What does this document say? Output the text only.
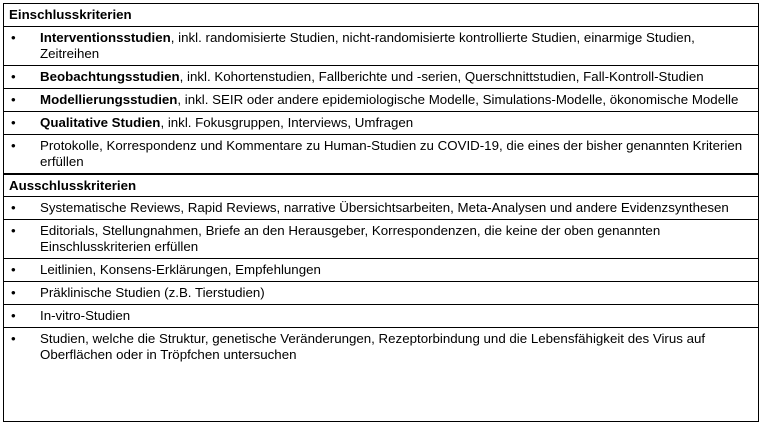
Einschlusskriterien
•	Interventionsstudien, inkl. randomisierte Studien, nicht-randomisierte kontrollierte Studien, einarmige Studien, Zeitreihen
•	Beobachtungsstudien, inkl. Kohortenstudien, Fallberichte und -serien, Querschnittstudien, Fall-Kontroll-Studien
•	Modellierungsstudien, inkl. SEIR oder andere epidemiologische Modelle, Simulations-Modelle, ökonomische Modelle
•	Qualitative Studien, inkl. Fokusgruppen, Interviews, Umfragen
•	Protokolle, Korrespondenz und Kommentare zu Human-Studien zu COVID-19, die eines der bisher genannten Kriterien erfüllen
Ausschlusskriterien
•	Systematische Reviews, Rapid Reviews, narrative Übersichtsarbeiten, Meta-Analysen und andere Evidenzsynthesen
•	Editorials, Stellungnahmen, Briefe an den Herausgeber, Korrespondenzen, die keine der oben genannten Einschlusskriterien erfüllen
•	Leitlinien, Konsens-Erklärungen, Empfehlungen
•	Präklinische Studien (z.B. Tierstudien)
•	In-vitro-Studien
•	Studien, welche die Struktur, genetische Veränderungen, Rezeptorbindung und die Lebensfähigkeit des Virus auf Oberflächen oder in Tröpfchen untersuchen
